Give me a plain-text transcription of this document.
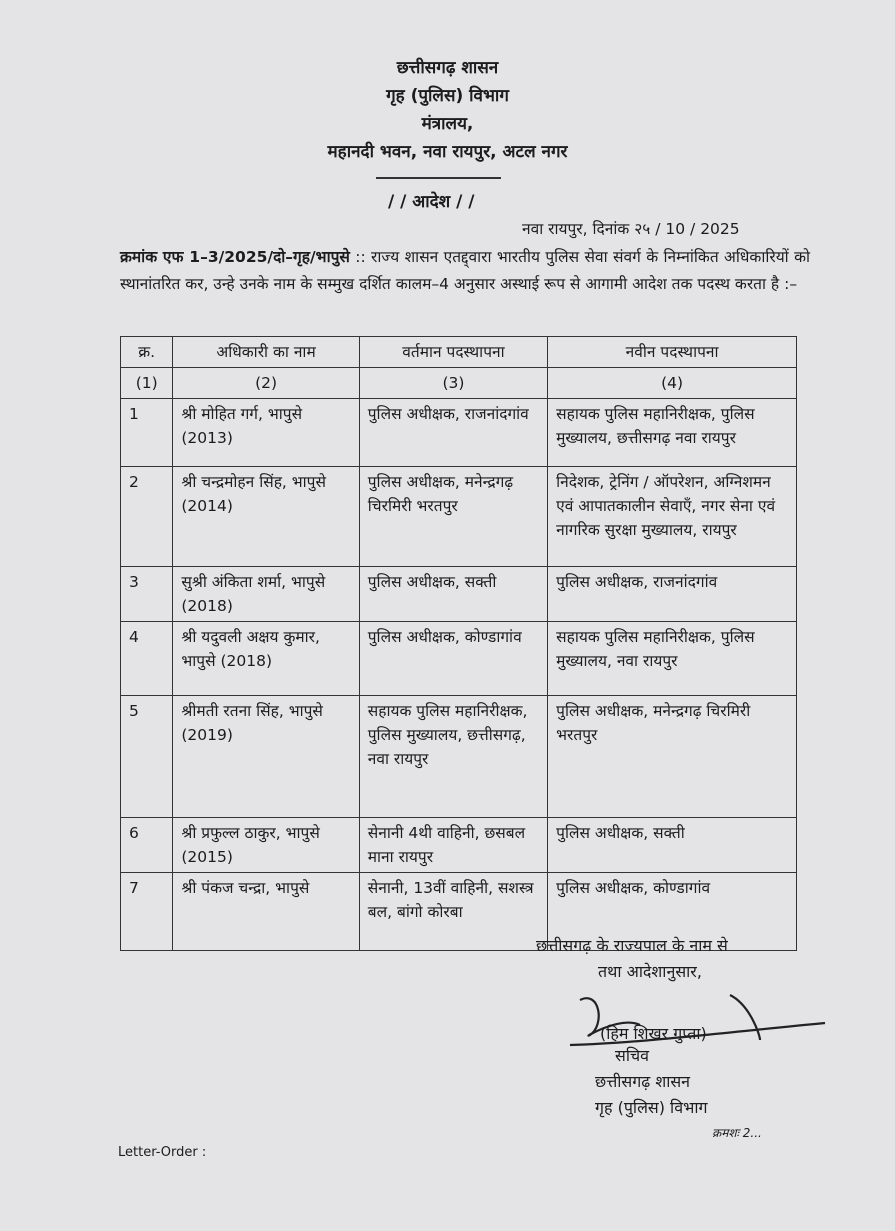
छत्तीसगढ़ शासन
गृह (पुलिस) विभाग
मंत्रालय,
महानदी भवन, नवा रायपुर, अटल नगर
/ / आदेश / /
नवा रायपुर, दिनांक २५ / 10 / 2025
क्रमांक एफ 1–3/2025/दो–गृह/भापुसे :: राज्य शासन एतद्द्वारा भारतीय पुलिस सेवा संवर्ग के निम्नांकित अधिकारियों को स्थानांतरित कर, उन्हे उनके नाम के सम्मुख दर्शित कालम–4 अनुसार अस्थाई रूप से आगामी आदेश तक पदस्थ करता है :–
क्र.	अधिकारी का नाम	वर्तमान पदस्थापना	नवीन पदस्थापना
(1)	(2)	(3)	(4)
1	श्री मोहित गर्ग, भापुसे (2013)	पुलिस अधीक्षक, राजनांदगांव	सहायक पुलिस महानिरीक्षक, पुलिस मुख्यालय, छत्तीसगढ़ नवा रायपुर
2	श्री चन्द्रमोहन सिंह, भापुसे (2014)	पुलिस अधीक्षक, मनेन्द्रगढ़ चिरमिरी भरतपुर	निदेशक, ट्रेनिंग / ऑपरेशन, अग्निशमन एवं आपातकालीन सेवाएँ, नगर सेना एवं नागरिक सुरक्षा मुख्यालय, रायपुर
3	सुश्री अंकिता शर्मा, भापुसे (2018)	पुलिस अधीक्षक, सक्ती	पुलिस अधीक्षक, राजनांदगांव
4	श्री यदुवली अक्षय कुमार, भापुसे (2018)	पुलिस अधीक्षक, कोण्डागांव	सहायक पुलिस महानिरीक्षक, पुलिस मुख्यालय, नवा रायपुर
5	श्रीमती रतना सिंह, भापुसे (2019)	सहायक पुलिस महानिरीक्षक, पुलिस मुख्यालय, छत्तीसगढ़, नवा रायपुर	पुलिस अधीक्षक, मनेन्द्रगढ़ चिरमिरी भरतपुर
6	श्री प्रफुल्ल ठाकुर, भापुसे (2015)	सेनानी 4थी वाहिनी, छसबल माना रायपुर	पुलिस अधीक्षक, सक्ती
7	श्री पंकज चन्द्रा, भापुसे	सेनानी, 13वीं वाहिनी, सशस्त्र बल, बांगो कोरबा	पुलिस अधीक्षक, कोण्डागांव
छत्तीसगढ़ के राज्यपाल के नाम से
तथा आदेशानुसार,
(हिम शिखर गुप्ता)
सचिव
छत्तीसगढ़ शासन
गृह (पुलिस) विभाग
क्रमशः 2...
Letter-Order :
